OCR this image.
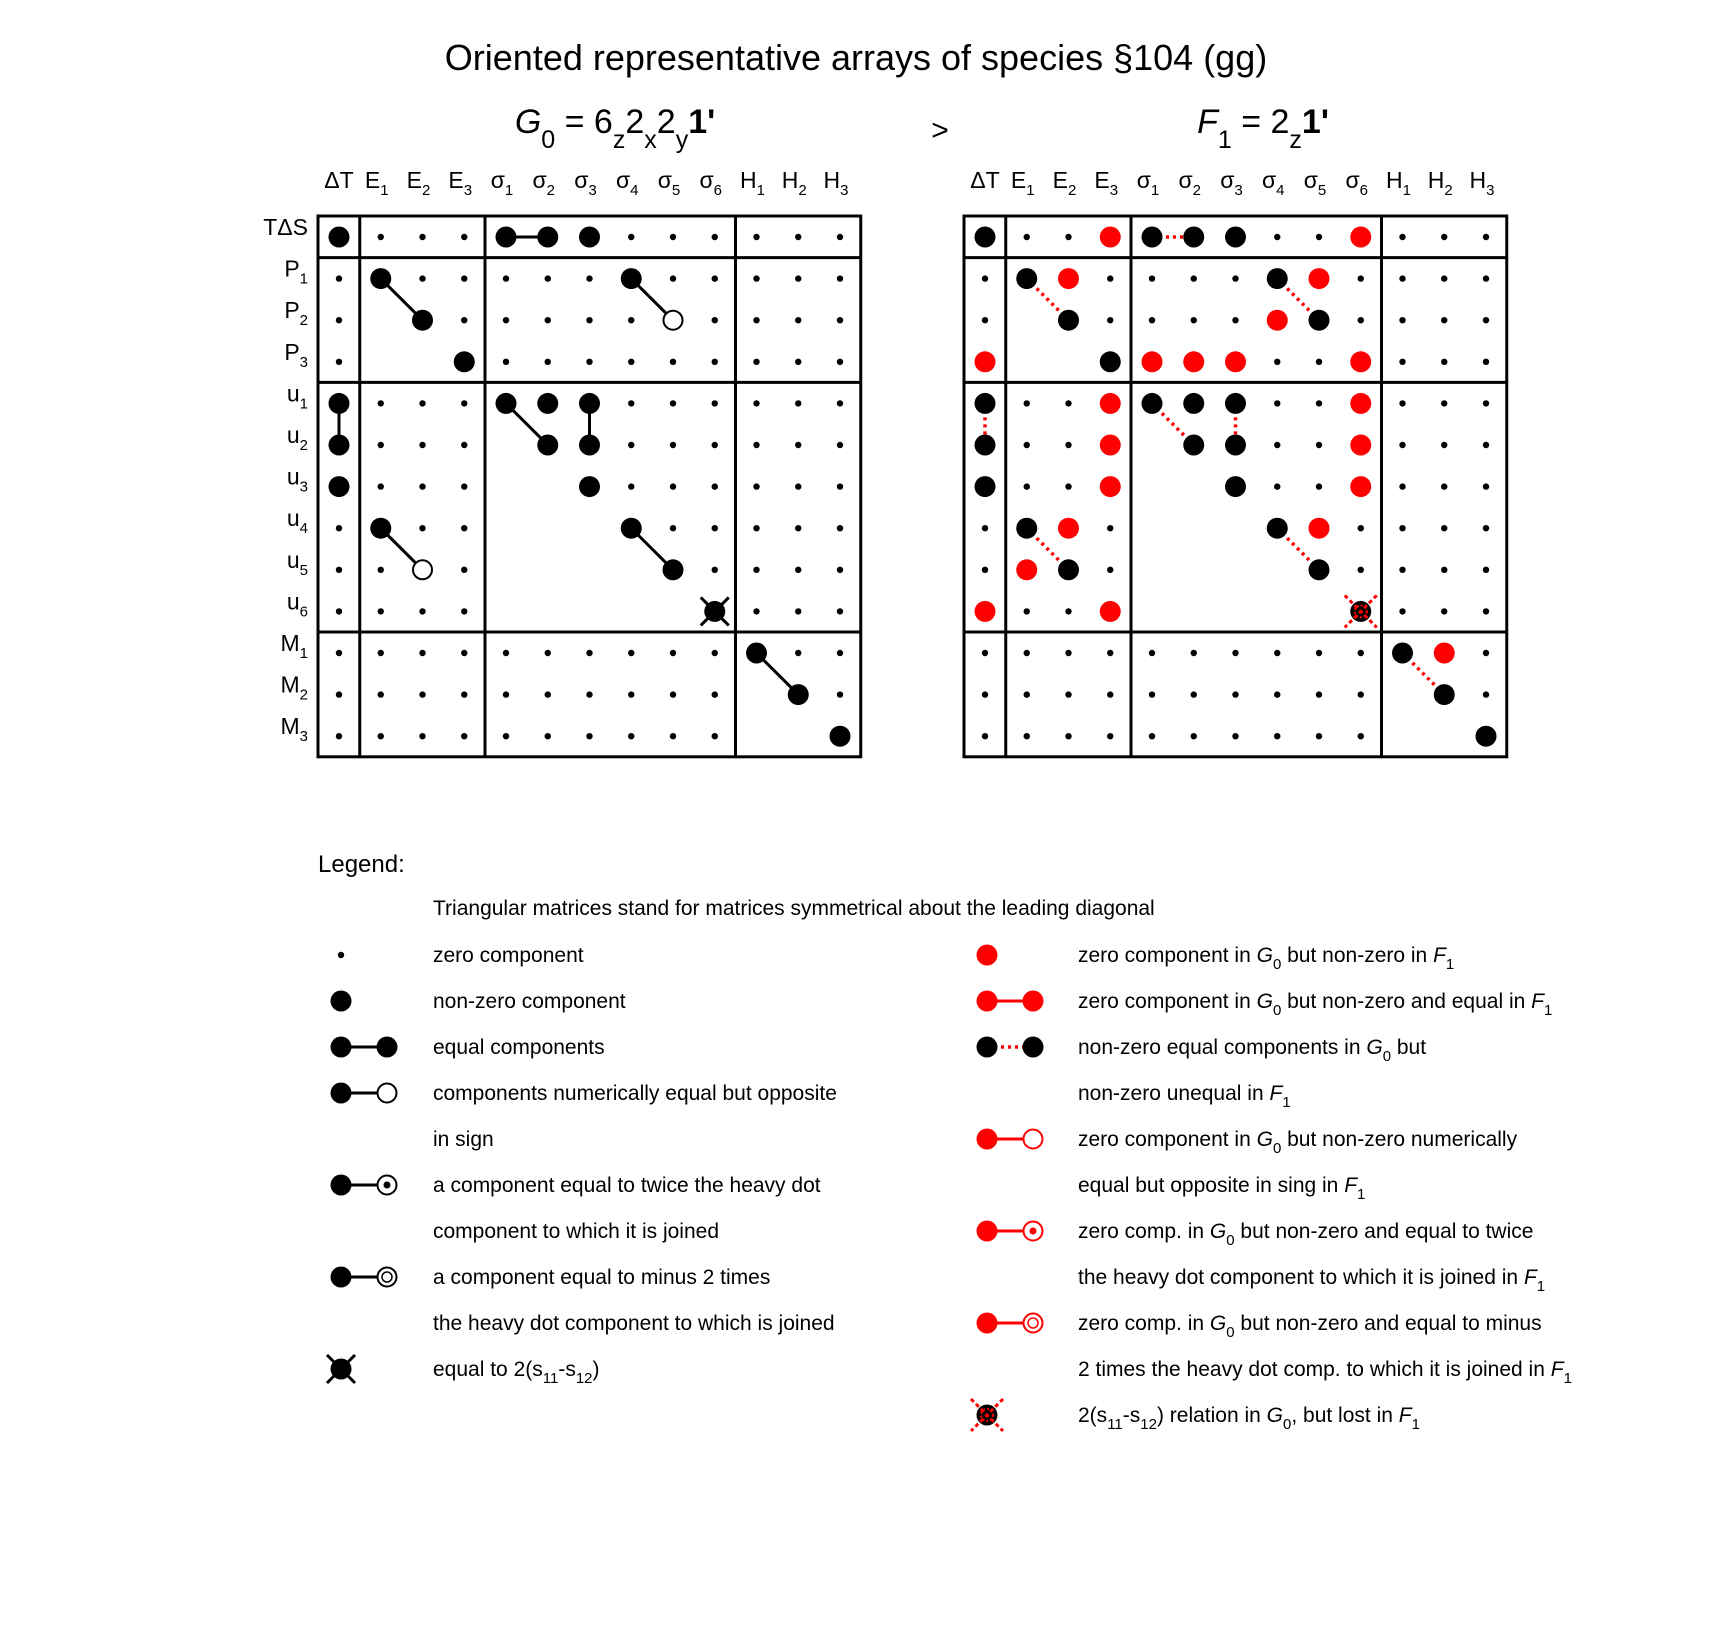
Oriented representative arrays of species §104 (gg)
$G_0 = 6_z2_x2_y1'$	>	$F_1 = 2_z1'$
ΔT $E_1$ $E_2$ $E_3$ $\sigma_1$ $\sigma_2$ $\sigma_3$ $\sigma_4$ $\sigma_5$ $\sigma_6$ $H_1$ $H_2$ $H_3$
TΔS
$P_1$
$P_2$
$P_3$
$u_1$
$u_2$
$u_3$
$u_4$
$u_5$
$u_6$
$M_1$
$M_2$
$M_3$
ΔT $E_1$ $E_2$ $E_3$ $\sigma_1$ $\sigma_2$ $\sigma_3$ $\sigma_4$ $\sigma_5$ $\sigma_6$ $H_1$ $H_2$ $H_3$
Legend:
Triangular matrices stand for matrices symmetrical about the leading diagonal
zero component
non-zero component
equal components
components numerically equal but opposite
in sign
a component equal to twice the heavy dot
component to which it is joined
a component equal to minus 2 times
the heavy dot component to which is joined
equal to $2(s_{11}-s_{12})$
zero component in $G_0$ but non-zero in $F_1$
zero component in $G_0$ but non-zero and equal in $F_1$
non-zero equal components in $G_0$ but
non-zero unequal in $F_1$
zero component in $G_0$ but non-zero numerically
equal but opposite in sing in $F_1$
zero comp. in $G_0$ but non-zero and equal to twice
the heavy dot component to which it is joined in $F_1$
zero comp. in $G_0$ but non-zero and equal to minus
2 times the heavy dot comp. to which it is joined in $F_1$
$2(s_{11}-s_{12})$ relation in $G_0$, but lost in $F_1$
